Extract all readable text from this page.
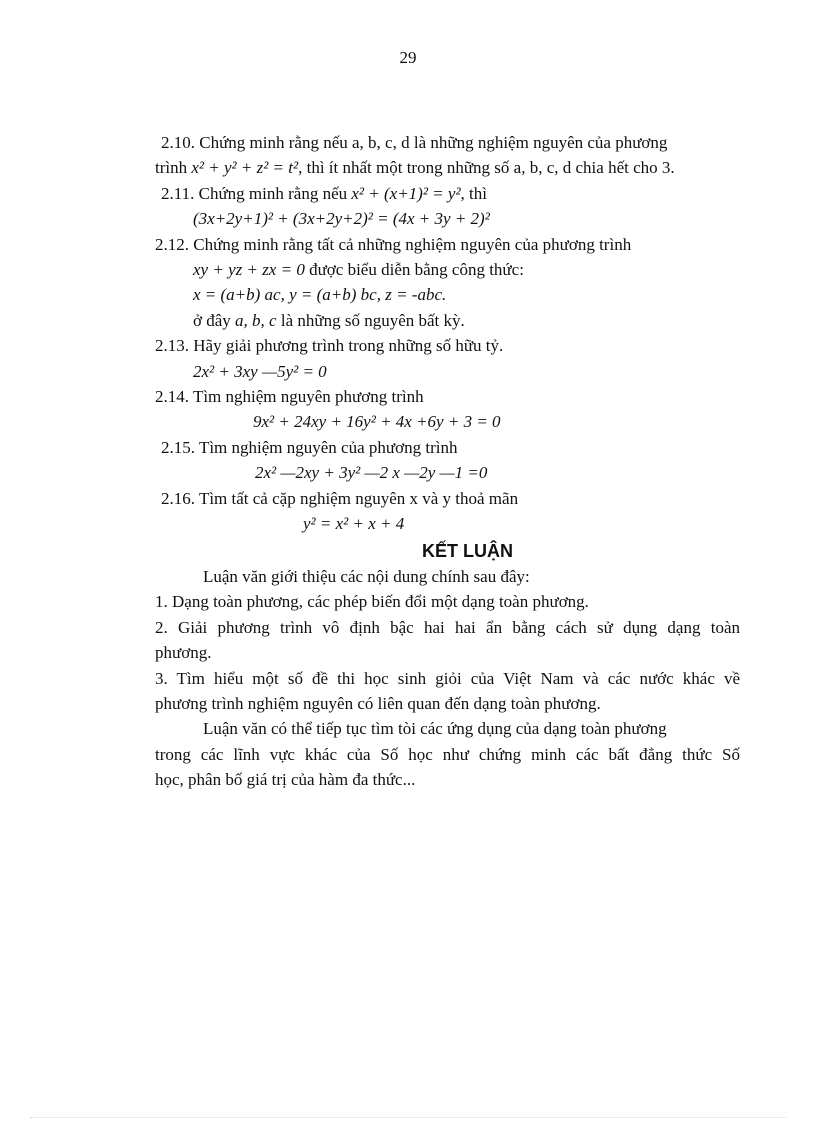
29
2.10. Chứng minh rằng nếu a, b, c, d là những nghiệm nguyên của phương
trình x² + y² + z² = t², thì ít nhất một trong những số a, b, c, d chia hết cho 3.
2.11. Chứng minh rằng nếu x² + (x+1)² = y², thì
(3x+2y+1)² + (3x+2y+2)² = (4x + 3y + 2)²
2.12. Chứng minh rằng tất cả những nghiệm nguyên của phương trình
xy + yz + zx = 0 được biểu diễn bằng công thức:
x = (a+b) ac, y = (a+b) bc, z = -abc.
ở đây a, b, c là những số nguyên bất kỳ.
2.13. Hãy giải phương trình trong những số hữu tỷ.
2x² + 3xy —5y² = 0
2.14. Tìm nghiệm nguyên phương trình
9x² + 24xy + 16y² + 4x +6y + 3 = 0
2.15. Tìm nghiệm nguyên của phương trình
2x² —2xy + 3y² —2 x —2y —1 =0
2.16. Tìm tất cả cặp nghiệm nguyên x và y thoả mãn
y² = x² + x + 4
KẾT LUẬN
Luận văn giới thiệu các nội dung chính sau đây:
1. Dạng toàn phương, các phép biến đổi một dạng toàn phương.
2. Giải phương trình vô định bậc hai hai ẩn bằng cách sử dụng dạng toàn
phương.
3. Tìm hiểu một số đề thi học sinh giỏi của Việt Nam và các nước khác về
phương trình nghiệm nguyên có liên quan đến dạng toàn phương.
Luận văn có thể tiếp tục tìm tòi các ứng dụng của dạng toàn phương
trong các lĩnh vực khác của Số học như chứng minh các bất đẳng thức Số
học, phân bố giá trị của hàm đa thức...
